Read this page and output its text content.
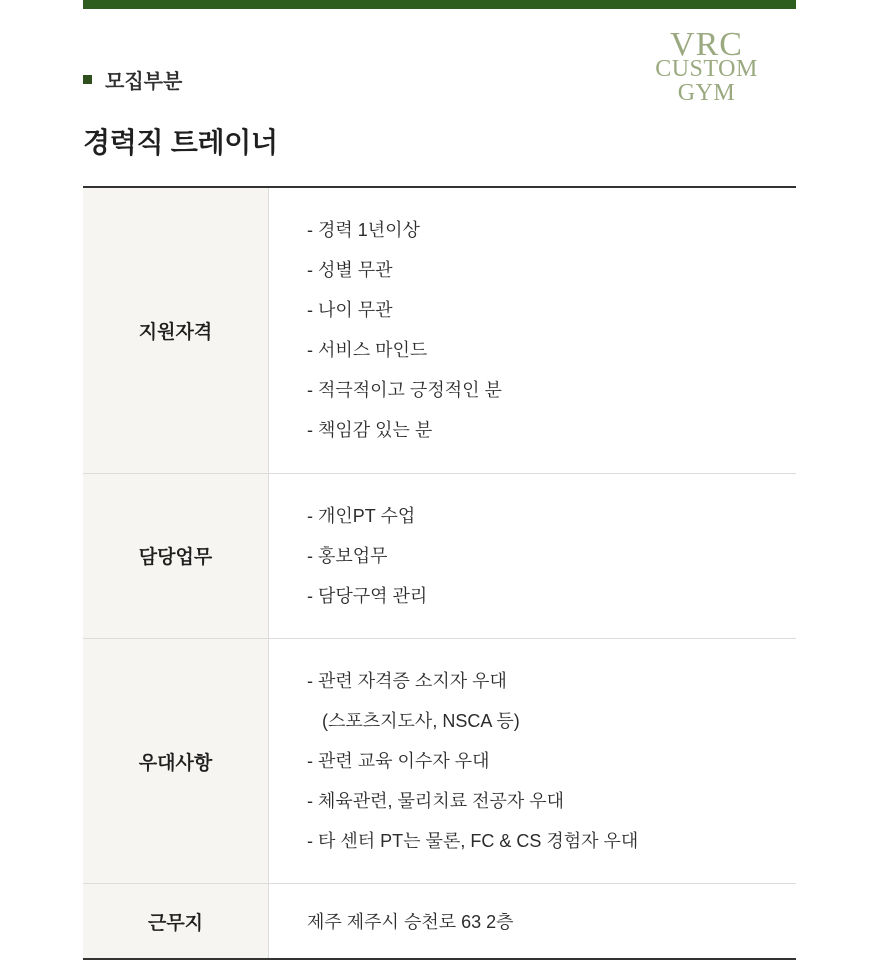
VRC
CUSTOM
GYM
모집부분
경력직 트레이너
지원자격	
- 경력 1년이상
- 성별 무관
- 나이 무관
- 서비스 마인드
- 적극적이고 긍정적인 분
- 책임감 있는 분

담당업무	
- 개인PT 수업
- 홍보업무
- 담당구역 관리

우대사항	
- 관련 자격증 소지자 우대
(스포츠지도사, NSCA 등)
- 관련 교육 이수자 우대
- 체육관련, 물리치료 전공자 우대
- 타 센터 PT는 물론, FC & CS 경험자 우대

근무지	제주 제주시 승천로 63 2층
